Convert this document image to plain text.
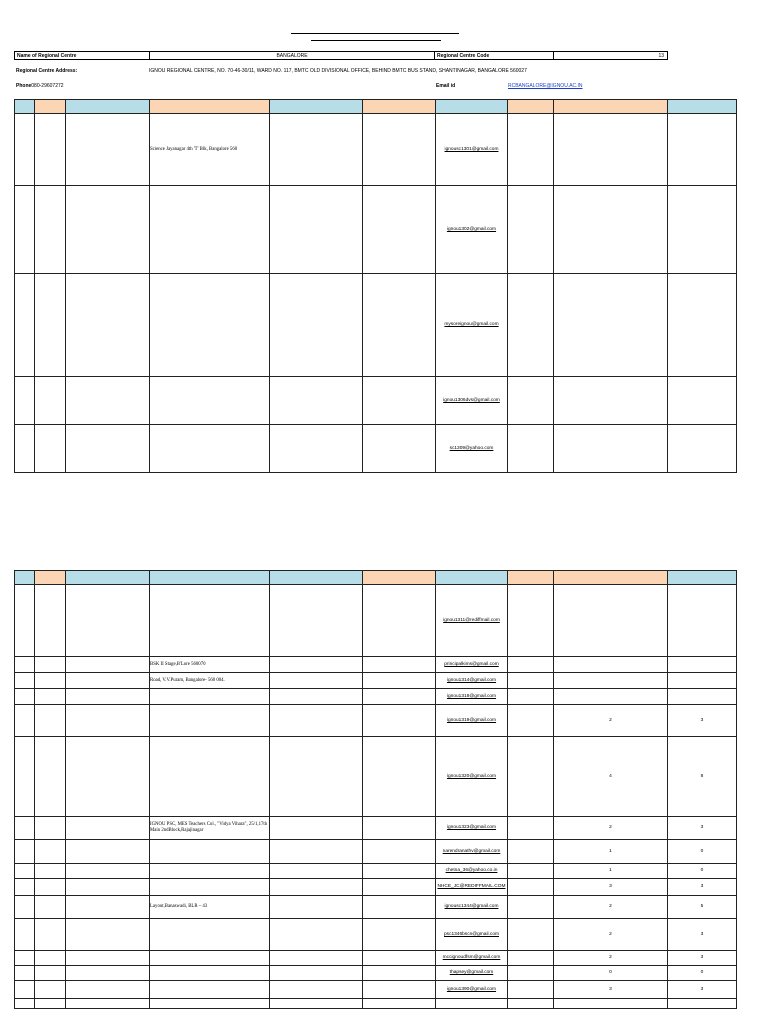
Name of Regional Centre	BANGALORE	Regional Centre Code	13
Regional Centre Address:	IGNOU REGIONAL CENTRE, NO. 70-46-30/11, WARD NO. 117, BMTC OLD DIVISIONAL OFFICE, BEHIND BMTC BUS STAND, SHANTINAGAR, BANGALORE 560027
Phone080-29607272	Email id	RCBANGALORE@IGNOU.AC.IN

			Science Jayanagar 4th 'T' Blk, Bangalore 560			ignousc1301@gmail.com			
						ignou1302@gmail.com			
						mysoreignou@gmail.com			
						ignou1306dvs@gmail.com			
						sc1309@yahoo.com			

						ignou1311@rediffmail.com			
			BSK II Stage,B'Lore 560070			principalkims@gmail.com			
			Road, V.V.Puram, Bangalore- 560 004.			ignou1314@gmail.com			
						ignou1318@gmail.com			
						ignou1319@gmail.com		2	3
						ignou1320@gmail.com		4	8
			IGNOU PSC, MES Teachers Col., "Vidya Vihara", 25/1,17th Main 2ndBlock,Rajajinagar			ignou1323@gmail.com		2	3
						narendranathv@gmail.com		1	0
						chetna_36@yahoo.co.in		1	0
						NHCE_JC@REDIFFMAIL.COM		3	3
			Layout,Banaswadi, BLR – 43			ignousc1344@gmail.com		2	5
						psc1346bscn@gmail.com		2	3
						mccignoudfsm@gmail.com		2	3
						thapsey@gmail.com		0	0
						ignou1390@gmail.com		3	3
